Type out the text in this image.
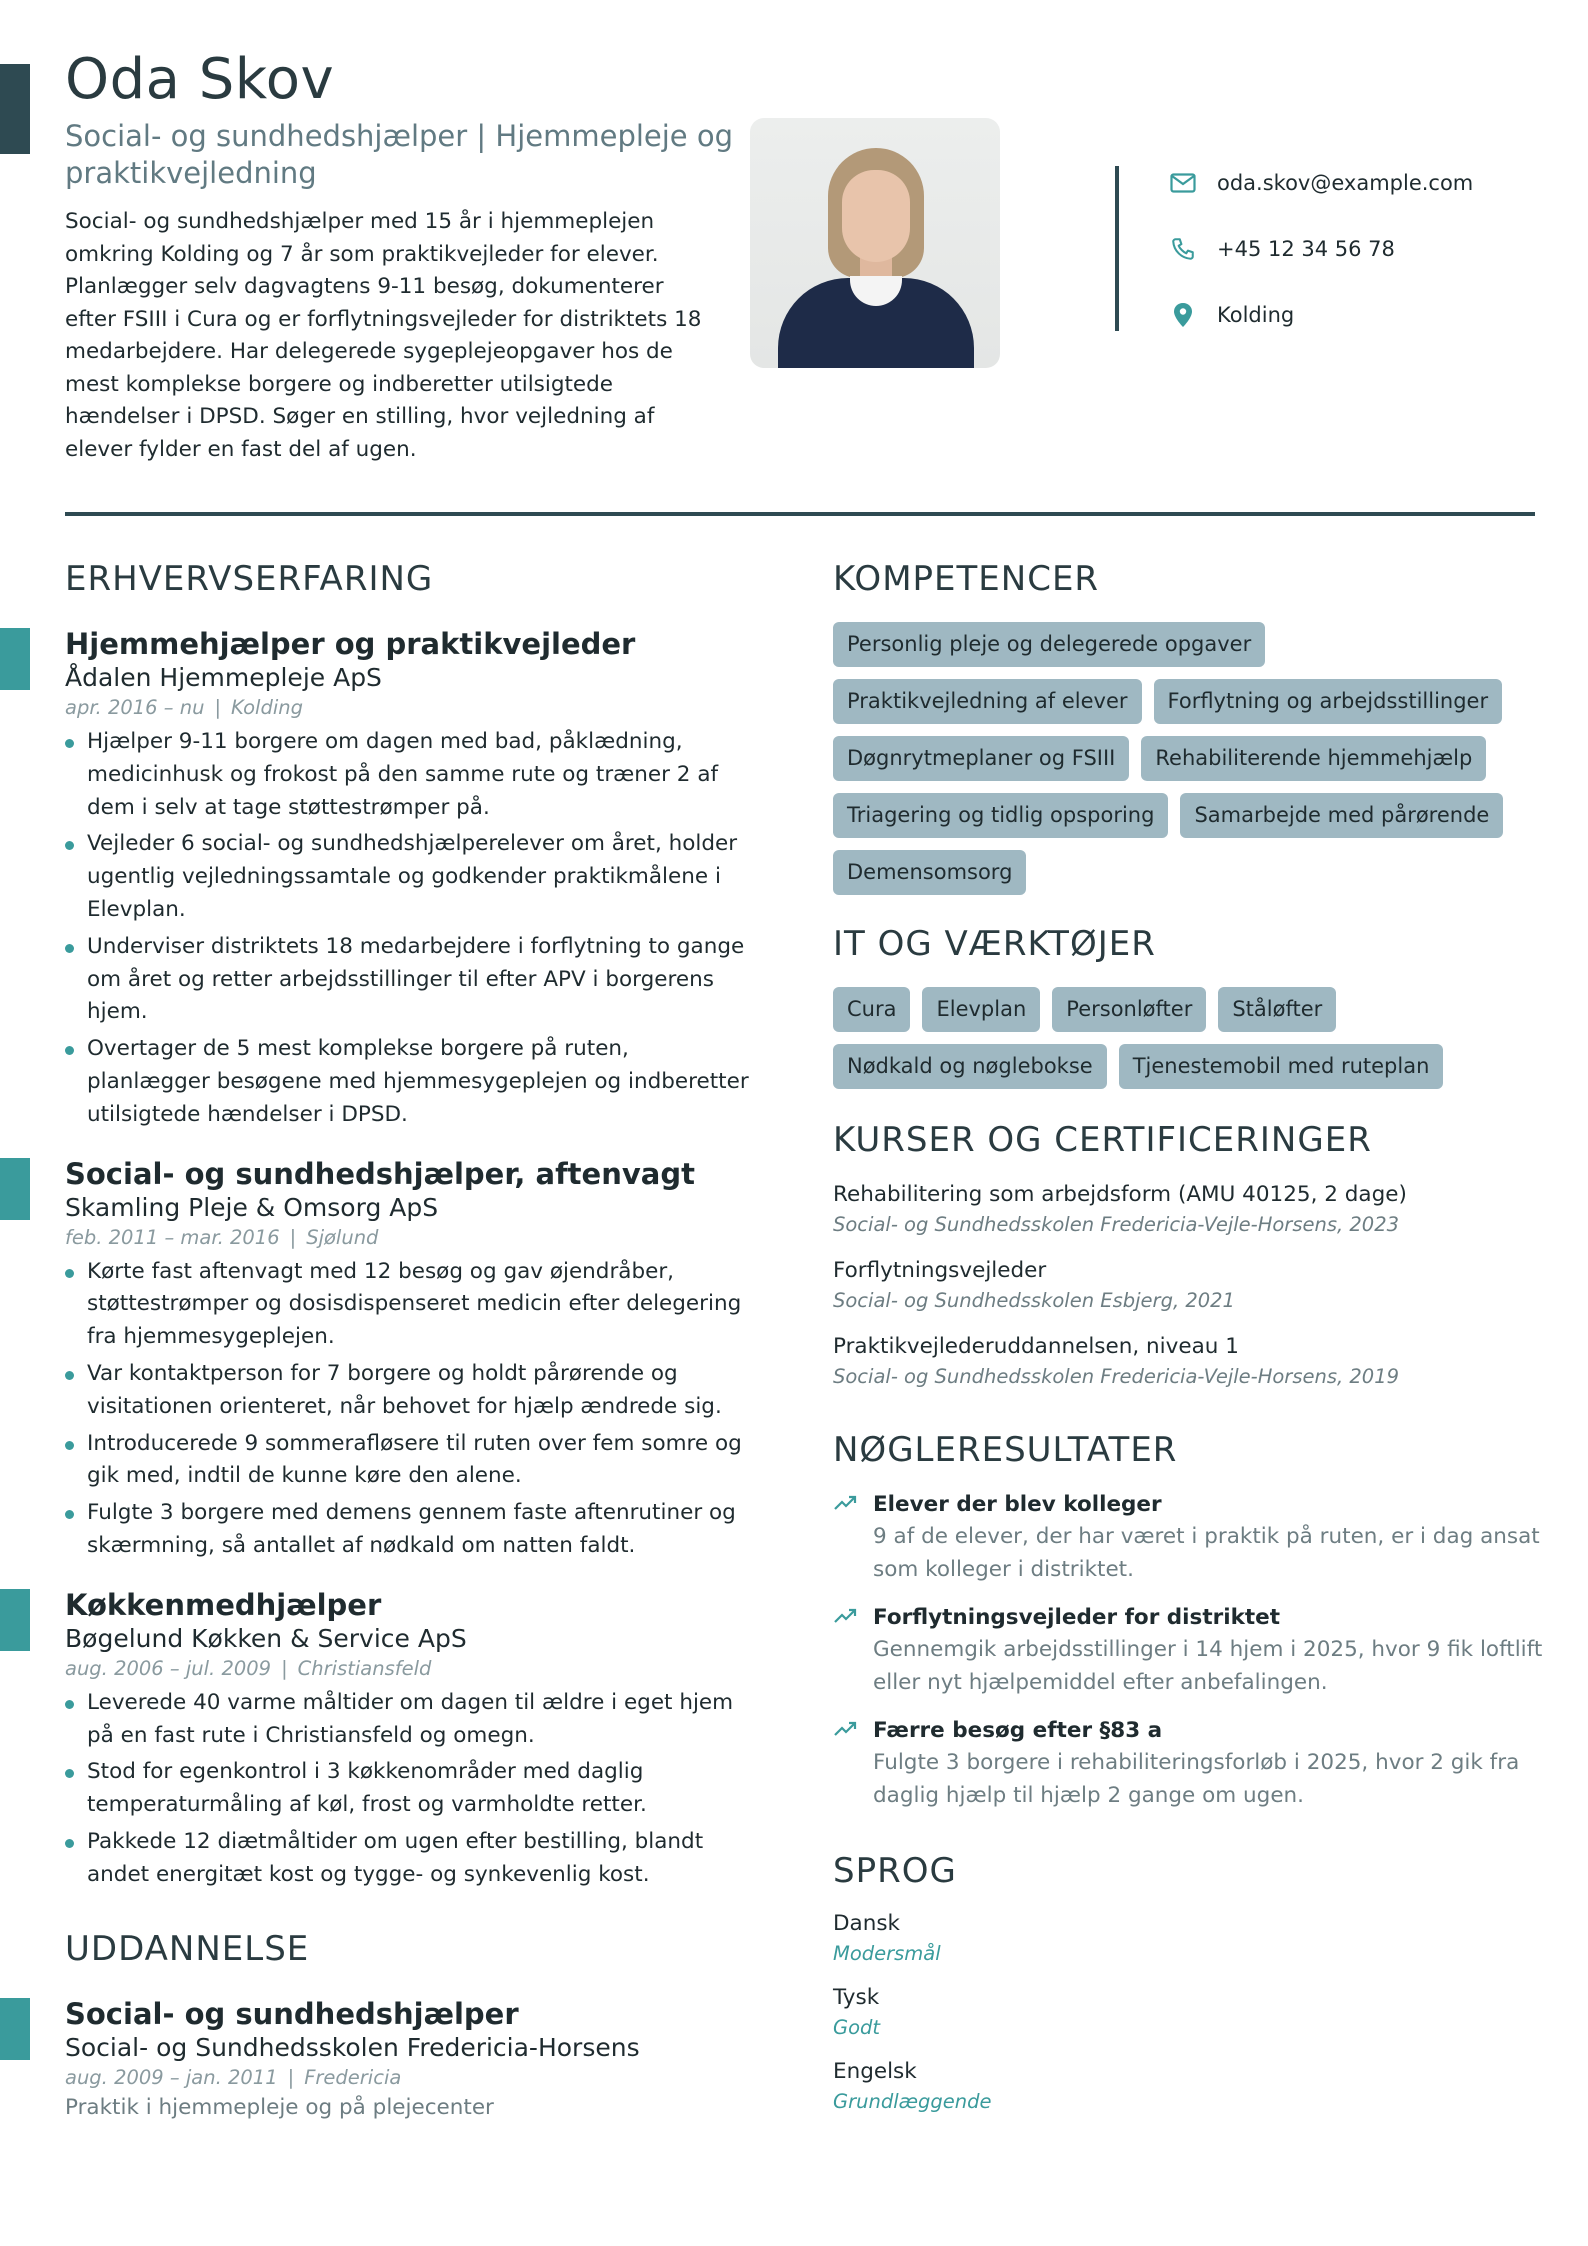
Oda Skov
Social- og sundhedshjælper | Hjemmepleje og praktikvejledning

Social- og sundhedshjælper med 15 år i hjemmeplejen omkring Kolding og 7 år som praktikvejleder for elever. Planlægger selv dagvagtens 9-11 besøg, dokumenterer efter FSIII i Cura og er forflytningsvejleder for distriktets 18 medarbejdere. Har delegerede sygeplejeopgaver hos de mest komplekse borgere og indberetter utilsigtede hændelser i DPSD. Søger en stilling, hvor vejledning af elever fylder en fast del af ugen.

oda.skov@example.com
+45 12 34 56 78
Kolding
ERHVERVSERFARING
Hjemmehjælper og praktikvejleder
Ådalen Hjemmepleje ApS
apr. 2016 – nu | Kolding
Hjælper 9-11 borgere om dagen med bad, påklædning, medicinhusk og frokost på den samme rute og træner 2 af dem i selv at tage støttestrømper på.
Vejleder 6 social- og sundhedshjælperelever om året, holder ugentlig vejledningssamtale og godkender praktikmålene i Elevplan.
Underviser distriktets 18 medarbejdere i forflytning to gange om året og retter arbejdsstillinger til efter APV i borgerens hjem.
Overtager de 5 mest komplekse borgere på ruten, planlægger besøgene med hjemmesygeplejen og indberetter utilsigtede hændelser i DPSD.
Social- og sundhedshjælper, aftenvagt
Skamling Pleje & Omsorg ApS
feb. 2011 – mar. 2016 | Sjølund
Kørte fast aftenvagt med 12 besøg og gav øjendråber, støttestrømper og dosisdispenseret medicin efter delegering fra hjemmesygeplejen.
Var kontaktperson for 7 borgere og holdt pårørende og visitationen orienteret, når behovet for hjælp ændrede sig.
Introducerede 9 sommerafløsere til ruten over fem somre og gik med, indtil de kunne køre den alene.
Fulgte 3 borgere med demens gennem faste aftenrutiner og skærmning, så antallet af nødkald om natten faldt.
Køkkenmedhjælper
Bøgelund Køkken & Service ApS
aug. 2006 – jul. 2009 | Christiansfeld
Leverede 40 varme måltider om dagen til ældre i eget hjem på en fast rute i Christiansfeld og omegn.
Stod for egenkontrol i 3 køkkenområder med daglig temperaturmåling af køl, frost og varmholdte retter.
Pakkede 12 diætmåltider om ugen efter bestilling, blandt andet energitæt kost og tygge- og synkevenlig kost.
UDDANNELSE
Social- og sundhedshjælper
Social- og Sundhedsskolen Fredericia-Horsens
aug. 2009 – jan. 2011 | Fredericia
Praktik i hjemmepleje og på plejecenter
KOMPETENCER
Personlig pleje og delegerede opgaver
Praktikvejledning af elever	Forflytning og arbejdsstillinger
Døgnrytmeplaner og FSIII	Rehabiliterende hjemmehjælp
Triagering og tidlig opsporing	Samarbejde med pårørende
Demensomsorg
IT OG VÆRKTØJER
Cura	Elevplan	Personløfter	Ståløfter
Nødkald og nøglebokse	Tjenestemobil med ruteplan
KURSER OG CERTIFICERINGER
Rehabilitering som arbejdsform (AMU 40125, 2 dage)
Social- og Sundhedsskolen Fredericia-Vejle-Horsens, 2023
Forflytningsvejleder
Social- og Sundhedsskolen Esbjerg, 2021
Praktikvejlederuddannelsen, niveau 1
Social- og Sundhedsskolen Fredericia-Vejle-Horsens, 2019
NØGLERESULTATER
Elever der blev kolleger
9 af de elever, der har været i praktik på ruten, er i dag ansat som kolleger i distriktet.
Forflytningsvejleder for distriktet
Gennemgik arbejdsstillinger i 14 hjem i 2025, hvor 9 fik loftlift eller nyt hjælpemiddel efter anbefalingen.
Færre besøg efter §83 a
Fulgte 3 borgere i rehabiliteringsforløb i 2025, hvor 2 gik fra daglig hjælp til hjælp 2 gange om ugen.
SPROG
Dansk
Modersmål
Tysk
Godt
Engelsk
Grundlæggende
